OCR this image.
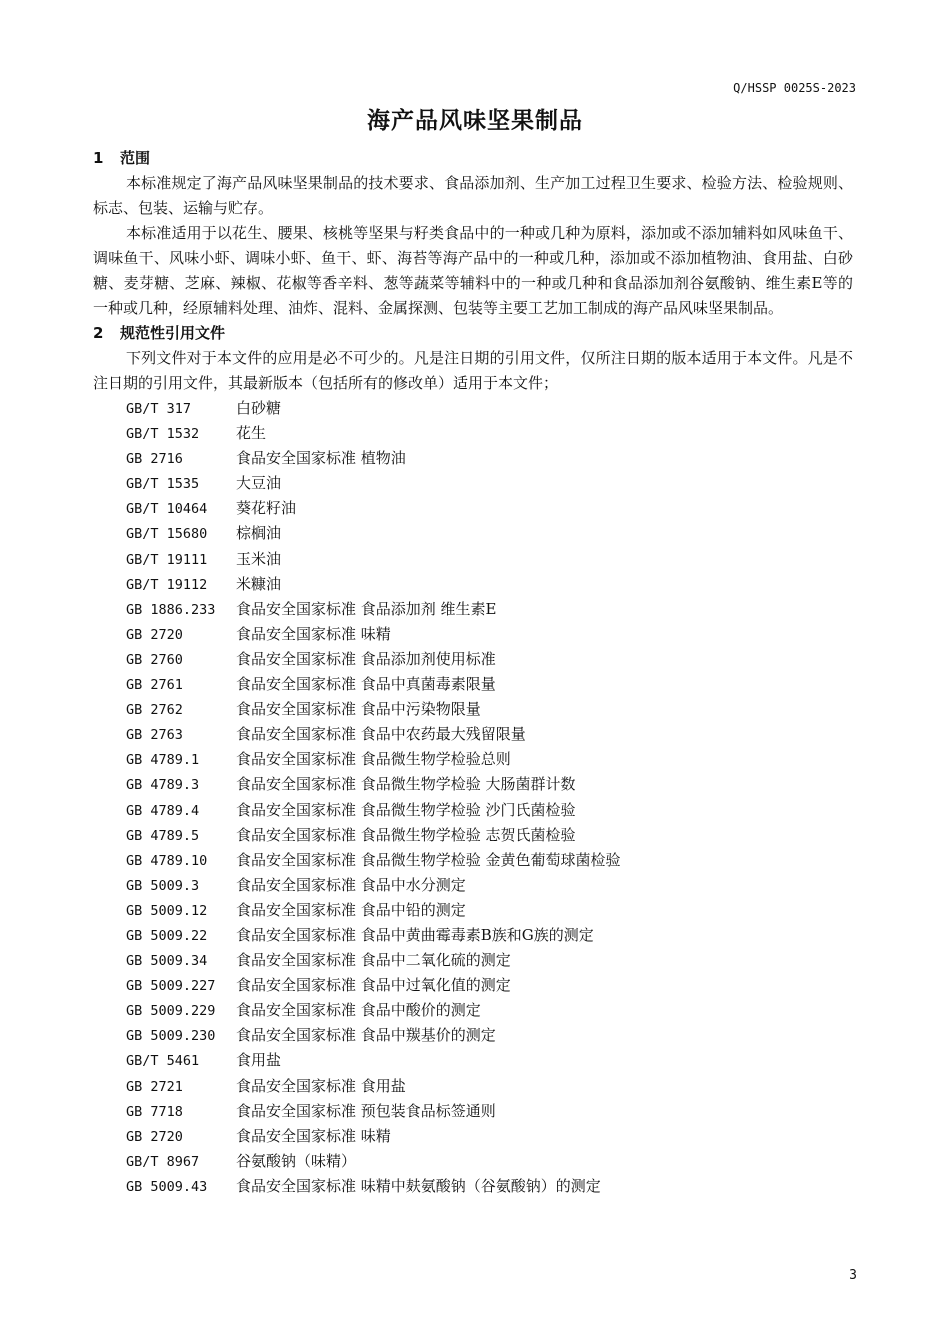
Q/HSSP 0025S-2023
海产品风味坚果制品
1 范围

本标准规定了海产品风味坚果制品的技术要求、食品添加剂、生产加工过程卫生要求、检验方法、检验规则、标志、包装、运输与贮存。

本标准适用于以花生、腰果、核桃等坚果与籽类食品中的一种或几种为原料，添加或不添加辅料如风味鱼干、调味鱼干、风味小虾、调味小虾、鱼干、虾、海苔等海产品中的一种或几种，添加或不添加植物油、食用盐、白砂糖、麦芽糖、芝麻、辣椒、花椒等香辛料、葱等蔬菜等辅料中的一种或几种和食品添加剂谷氨酸钠、维生素E等的一种或几种，经原辅料处理、油炸、混料、金属探测、包装等主要工艺加工制成的海产品风味坚果制品。

2 规范性引用文件

下列文件对于本文件的应用是必不可少的。凡是注日期的引用文件，仅所注日期的版本适用于本文件。凡是不注日期的引用文件，其最新版本（包括所有的修改单）适用于本文件；

GB/T 317	白砂糖
GB/T 1532 花生
GB 2716	食品安全国家标准 植物油
GB/T 1535 大豆油
GB/T 10464 葵花籽油
GB/T 15680 棕榈油
GB/T 19111 玉米油
GB/T 19112 米糠油
GB 1886.233 食品安全国家标准 食品添加剂 维生素E
GB 2720	食品安全国家标准 味精
GB 2760	食品安全国家标准 食品添加剂使用标准
GB 2761	食品安全国家标准 食品中真菌毒素限量
GB 2762	食品安全国家标准 食品中污染物限量
GB 2763	食品安全国家标准 食品中农药最大残留限量
GB 4789.1 食品安全国家标准 食品微生物学检验总则
GB 4789.3 食品安全国家标准 食品微生物学检验 大肠菌群计数
GB 4789.4 食品安全国家标准 食品微生物学检验 沙门氏菌检验
GB 4789.5 食品安全国家标准 食品微生物学检验 志贺氏菌检验
GB 4789.10 食品安全国家标准 食品微生物学检验 金黄色葡萄球菌检验
GB 5009.3 食品安全国家标准 食品中水分测定
GB 5009.12 食品安全国家标准 食品中铅的测定
GB 5009.22 食品安全国家标准 食品中黄曲霉毒素B族和G族的测定
GB 5009.34 食品安全国家标准 食品中二氧化硫的测定
GB 5009.227 食品安全国家标准 食品中过氧化值的测定
GB 5009.229 食品安全国家标准 食品中酸价的测定
GB 5009.230 食品安全国家标准 食品中羰基价的测定
GB/T 5461 食用盐
GB 2721	食品安全国家标准 食用盐
GB 7718	食品安全国家标准 预包装食品标签通则
GB 2720	食品安全国家标准 味精
GB/T 8967 谷氨酸钠（味精）
GB 5009.43 食品安全国家标准 味精中麸氨酸钠（谷氨酸钠）的测定
3
